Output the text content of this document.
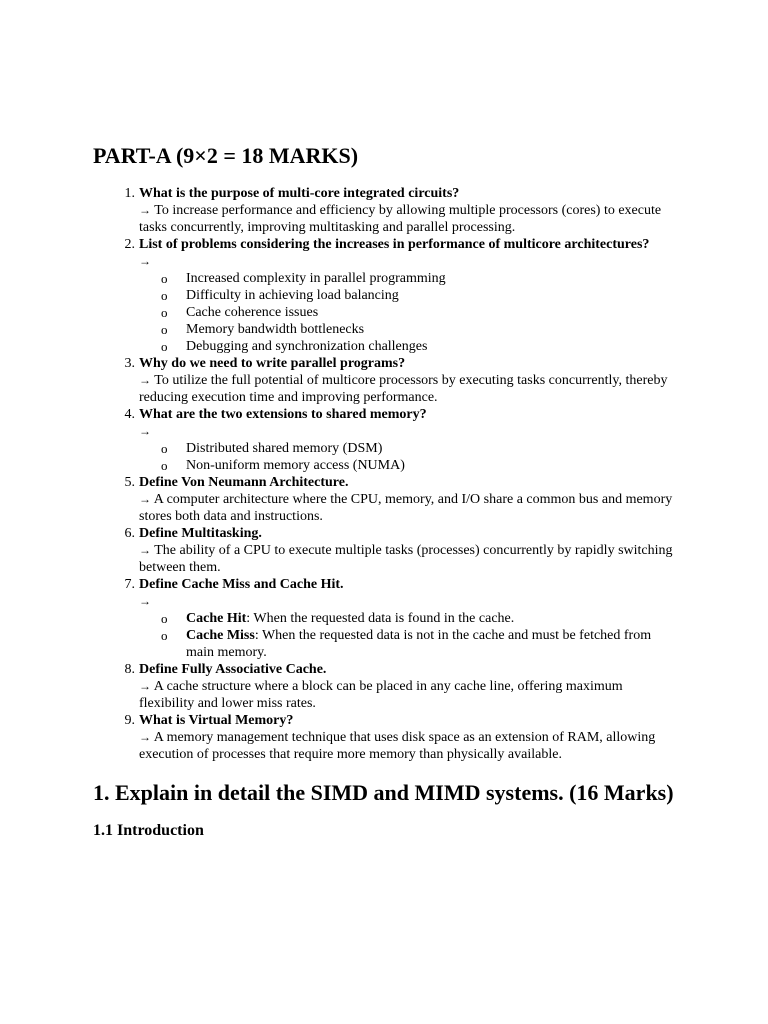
PART-A (9×2 = 18 MARKS)
1. What is the purpose of multi-core integrated circuits?
→ To increase performance and efficiency by allowing multiple processors (cores) to execute tasks concurrently, improving multitasking and parallel processing.
2. List of problems considering the increases in performance of multicore architectures?
→
o Increased complexity in parallel programming
o Difficulty in achieving load balancing
o Cache coherence issues
o Memory bandwidth bottlenecks
o Debugging and synchronization challenges
3. Why do we need to write parallel programs?
→ To utilize the full potential of multicore processors by executing tasks concurrently, thereby reducing execution time and improving performance.
4. What are the two extensions to shared memory?
→
o Distributed shared memory (DSM)
o Non-uniform memory access (NUMA)
5. Define Von Neumann Architecture.
→ A computer architecture where the CPU, memory, and I/O share a common bus and memory stores both data and instructions.
6. Define Multitasking.
→ The ability of a CPU to execute multiple tasks (processes) concurrently by rapidly switching between them.
7. Define Cache Miss and Cache Hit.
→
o Cache Hit: When the requested data is found in the cache.
o Cache Miss: When the requested data is not in the cache and must be fetched from main memory.
8. Define Fully Associative Cache.
→ A cache structure where a block can be placed in any cache line, offering maximum flexibility and lower miss rates.
9. What is Virtual Memory?
→ A memory management technique that uses disk space as an extension of RAM, allowing execution of processes that require more memory than physically available.
1. Explain in detail the SIMD and MIMD systems. (16 Marks)
1.1 Introduction
